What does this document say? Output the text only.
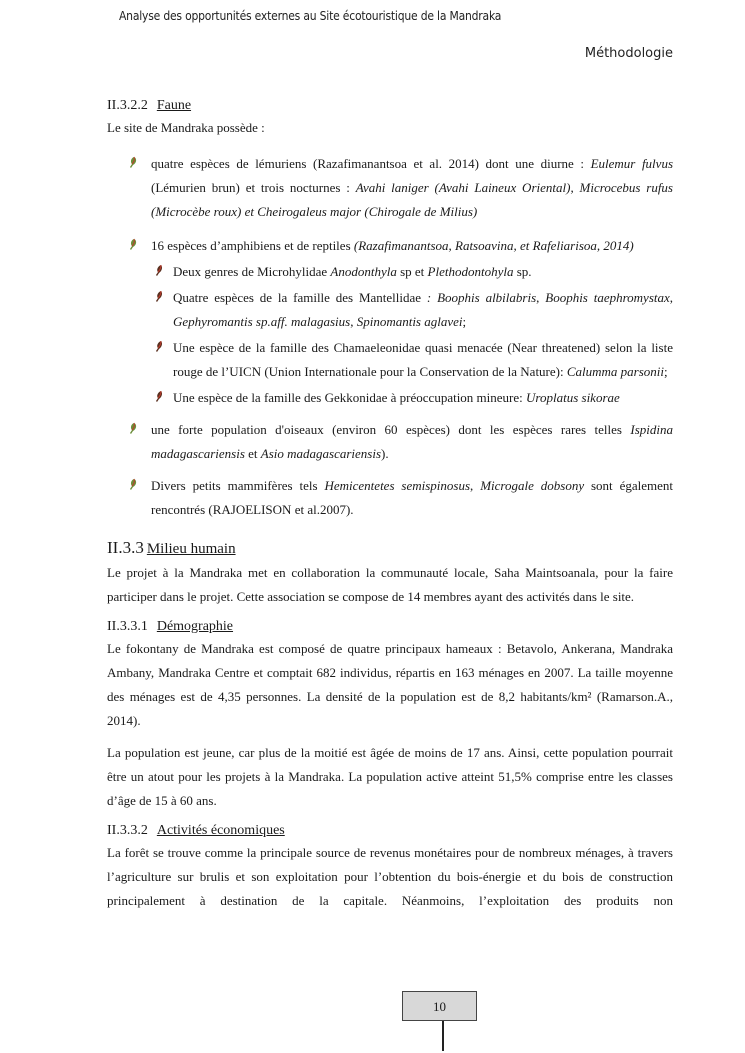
Analyse des opportunités externes au Site écotouristique de la Mandraka
Méthodologie
II.3.2.2 Faune

Le site de Mandraka possède :

quatre espèces de lémuriens (Razafimanantsoa et al. 2014) dont une diurne : Eulemur fulvus (Lémurien brun) et trois nocturnes : Avahi laniger (Avahi Laineux Oriental), Microcebus rufus (Microcèbe roux) et Cheirogaleus major (Chirogale de Milius)
16 espèces d’amphibiens et de reptiles (Razafimanantsoa, Ratsoavina, et Rafeliarisoa, 2014)
Deux genres de Microhylidae Anodonthyla sp et Plethodontohyla sp.
Quatre espèces de la famille des Mantellidae : Boophis albilabris, Boophis taephromystax, Gephyromantis sp.aff. malagasius, Spinomantis aglavei;
Une espèce de la famille des Chamaeleonidae quasi menacée (Near threatened) selon la liste rouge de l’UICN (Union Internationale pour la Conservation de la Nature): Calumma parsonii;
Une espèce de la famille des Gekkonidae à préoccupation mineure: Uroplatus sikorae
une forte population d'oiseaux (environ 60 espèces) dont les espèces rares telles Ispidina madagascariensis et Asio madagascariensis).
Divers petits mammifères tels Hemicentetes semispinosus, Microgale dobsony sont également rencontrés (RAJOELISON et al.2007).
II.3.3 Milieu humain

Le projet à la Mandraka met en collaboration la communauté locale, Saha Maintsoanala, pour la faire participer dans le projet. Cette association se compose de 14 membres ayant des activités dans le site.

II.3.3.1 Démographie

Le fokontany de Mandraka est composé de quatre principaux hameaux : Betavolo, Ankerana, Mandraka Ambany, Mandraka Centre et comptait 682 individus, répartis en 163 ménages en 2007. La taille moyenne des ménages est de 4,35 personnes. La densité de la population est de 8,2 habitants/km² (Ramarson.A., 2014).

La population est jeune, car plus de la moitié est âgée de moins de 17 ans. Ainsi, cette population pourrait être un atout pour les projets à la Mandraka. La population active atteint 51,5% comprise entre les classes d’âge de 15 à 60 ans.

II.3.3.2 Activités économiques

La forêt se trouve comme la principale source de revenus monétaires pour de nombreux ménages, à travers l’agriculture sur brulis et son exploitation pour l’obtention du bois-énergie et du bois de construction principalement à destination de la capitale. Néanmoins, l’exploitation des produits non

10
